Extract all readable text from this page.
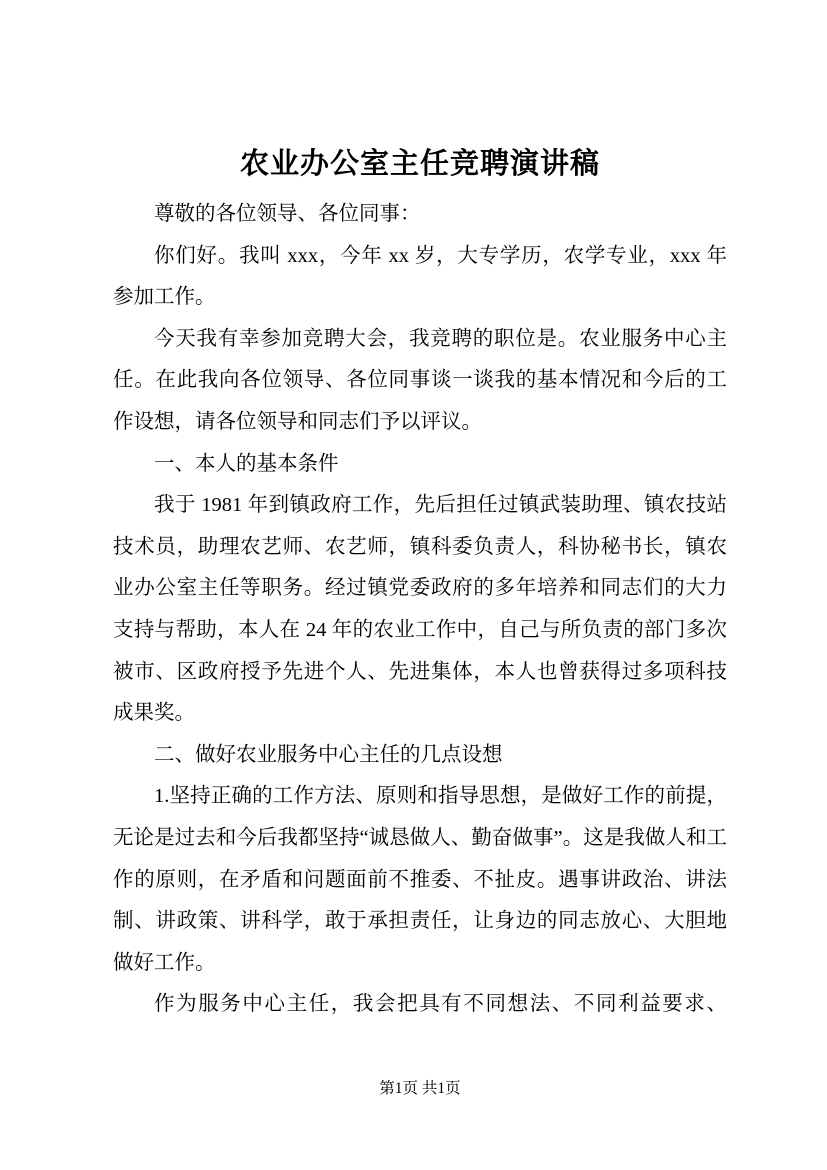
农业办公室主任竞聘演讲稿

尊敬的各位领导、各位同事：

你们好。我叫 xxx，今年 xx 岁，大专学历，农学专业，xxx 年参加工作。

今天我有幸参加竞聘大会，我竞聘的职位是。农业服务中心主任。在此我向各位领导、各位同事谈一谈我的基本情况和今后的工作设想，请各位领导和同志们予以评议。

一、本人的基本条件

我于 1981 年到镇政府工作，先后担任过镇武装助理、镇农技站技术员，助理农艺师、农艺师，镇科委负责人，科协秘书长，镇农业办公室主任等职务。经过镇党委政府的多年培养和同志们的大力支持与帮助，本人在 24 年的农业工作中，自己与所负责的部门多次被市、区政府授予先进个人、先进集体，本人也曾获得过多项科技成果奖。

二、做好农业服务中心主任的几点设想

1.坚持正确的工作方法、原则和指导思想，是做好工作的前提，无论是过去和今后我都坚持“诚恳做人、勤奋做事”。这是我做人和工作的原则，在矛盾和问题面前不推委、不扯皮。遇事讲政治、讲法制、讲政策、讲科学，敢于承担责任，让身边的同志放心、大胆地做好工作。

作为服务中心主任，我会把具有不同想法、不同利益要求、

第1页 共1页
